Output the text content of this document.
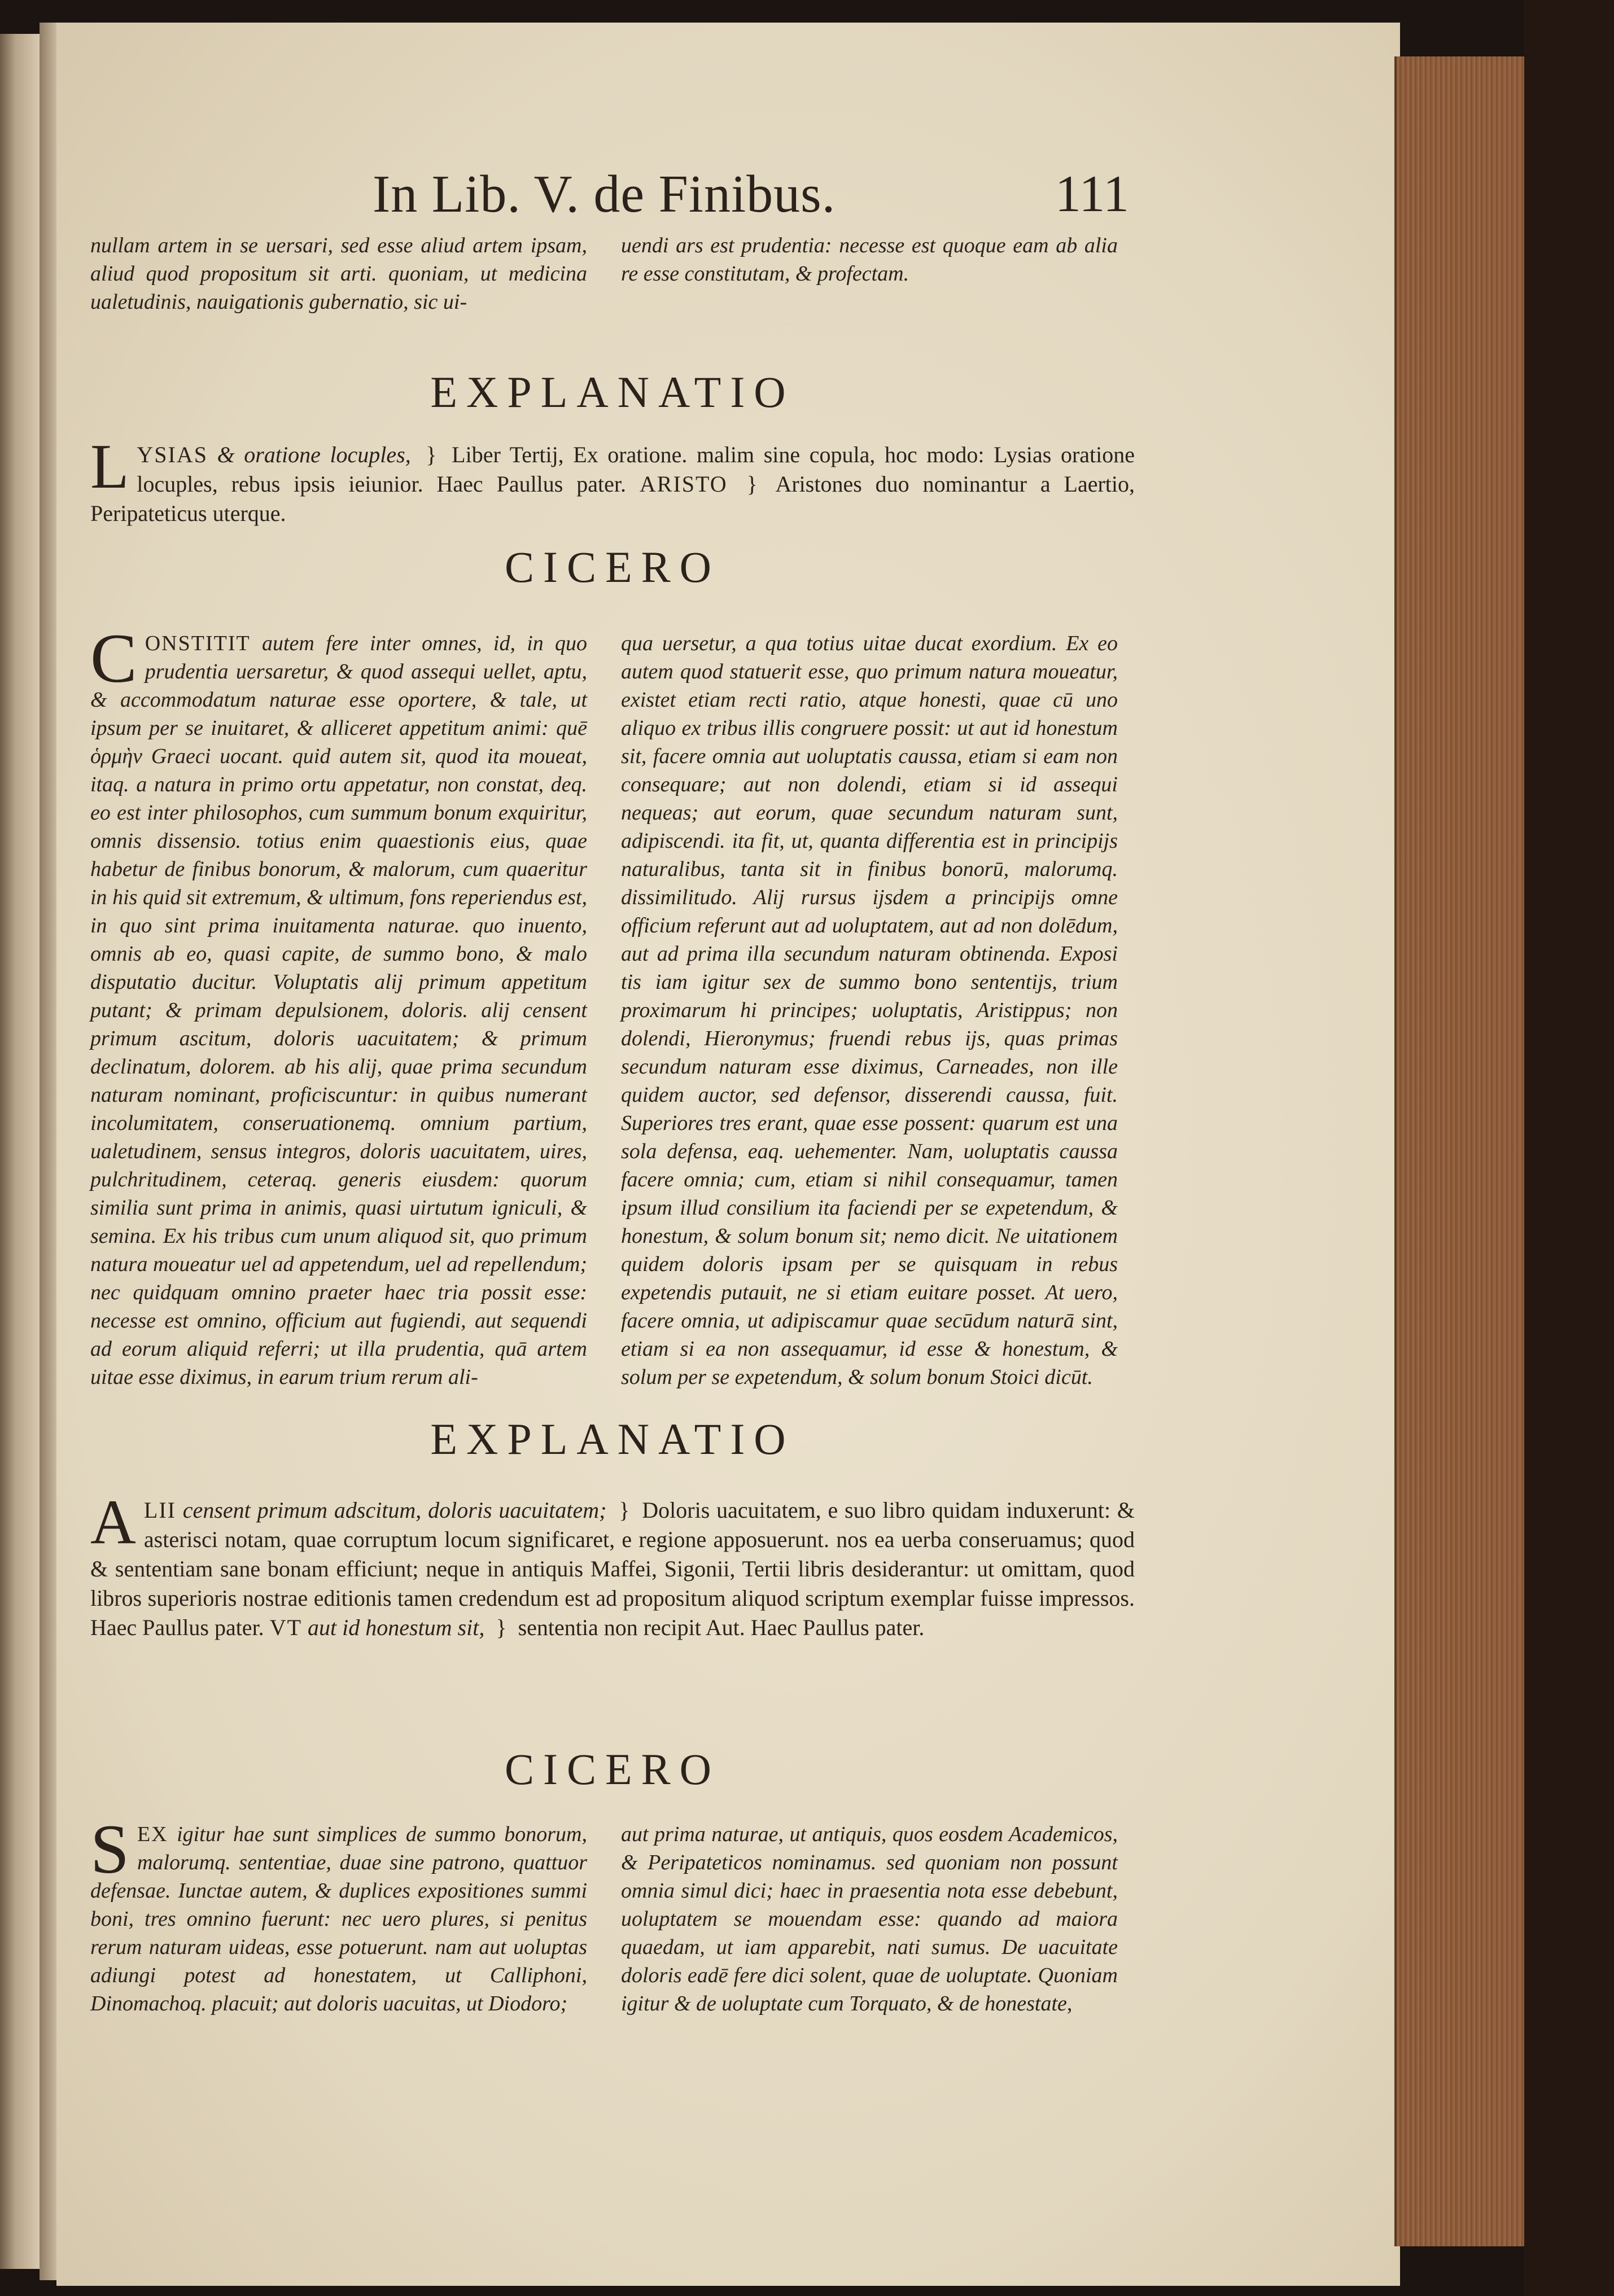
In Lib. V. de Finibus.	111
nullam artem in se uersari, sed esse aliud artem ipsam, aliud quod propositum sit arti. quoniam, ut medicina ualetudinis, nauigationis gubernatio, sic ui-
uendi ars est prudentia: necesse est quoque eam ab alia re esse constitutam, & profectam.
EXPLANATIO
L YSIAS & oratione locuples, } Liber Tertij, Ex oratione. malim sine copula, hoc modo: Lysias oratione locuples, rebus ipsis ieiunior. Haec Paullus pater. ARISTO } Aristones duo nominantur a Laertio, Peripateticus uterque.
CICERO
CONSTITIT autem fere inter omnes, id, in quo prudentia uersaretur, & quod assequi uellet, aptu, & accommodatum naturae esse oportere, & tale, ut ipsum per se inuitaret, & alliceret appetitum animi: quē ὁρμὴν Graeci uocant. quid autem sit, quod ita moueat, itaq. a natura in primo ortu appetatur, non constat, deq. eo est inter philosophos, cum summum bonum exquiritur, omnis dissensio. totius enim quaestionis eius, quae habetur de finibus bonorum, & malorum, cum quaeritur in his quid sit extremum, & ultimum, fons reperiendus est, in quo sint prima inuitamenta naturae. quo inuento, omnis ab eo, quasi capite, de summo bono, & malo disputatio ducitur. Voluptatis alij primum appetitum putant; & primam depulsionem, doloris. alij censent primum ascitum, doloris uacuitatem; & primum declinatum, dolorem. ab his alij, quae prima secundum naturam nominant, proficiscuntur: in quibus numerant incolumitatem, conseruationemq. omnium partium, ualetudinem, sensus integros, doloris uacuitatem, uires, pulchritudinem, ceteraq. generis eiusdem: quorum similia sunt prima in animis, quasi uirtutum igniculi, & semina. Ex his tribus cum unum aliquod sit, quo primum natura moueatur uel ad appetendum, uel ad repellendum; nec quidquam omnino praeter haec tria possit esse: necesse est omnino, officium aut fugiendi, aut sequendi ad eorum aliquid referri; ut illa prudentia, quā artem uitae esse diximus, in earum trium rerum ali-
qua uersetur, a qua totius uitae ducat exordium. Ex eo autem quod statuerit esse, quo primum natura moueatur, existet etiam recti ratio, atque honesti, quae cū uno aliquo ex tribus illis congruere possit: ut aut id honestum sit, facere omnia aut uoluptatis caussa, etiam si eam non consequare; aut non dolendi, etiam si id assequi nequeas; aut eorum, quae secundum naturam sunt, adipiscendi. ita fit, ut, quanta differentia est in principijs naturalibus, tanta sit in finibus bonorū, malorumq. dissimilitudo. Alij rursus ijsdem a principijs omne officium referunt aut ad uoluptatem, aut ad non dolēdum, aut ad prima illa secundum naturam obtinenda. Exposi tis iam igitur sex de summo bono sententijs, trium proximarum hi principes; uoluptatis, Aristippus; non dolendi, Hieronymus; fruendi rebus ijs, quas primas secundum naturam esse diximus, Carneades, non ille quidem auctor, sed defensor, disserendi caussa, fuit. Superiores tres erant, quae esse possent: quarum est una sola defensa, eaq. uehementer. Nam, uoluptatis caussa facere omnia; cum, etiam si nihil consequamur, tamen ipsum illud consilium ita faciendi per se expetendum, & honestum, & solum bonum sit; nemo dicit. Ne uitationem quidem doloris ipsam per se quisquam in rebus expetendis putauit, ne si etiam euitare posset. At uero, facere omnia, ut adipiscamur quae secūdum naturā sint, etiam si ea non assequamur, id esse & honestum, & solum per se expetendum, & solum bonum Stoici dicūt.
EXPLANATIO
A LII censent primum adscitum, doloris uacuitatem; } Doloris uacuitatem, e suo libro quidam induxerunt: & asterisci notam, quae corruptum locum significaret, e regione apposuerunt. nos ea uerba conseruamus; quod & sententiam sane bonam efficiunt; neque in antiquis Maffei, Sigonii, Tertii libris desiderantur: ut omittam, quod libros superioris nostrae editionis tamen credendum est ad propositum aliquod scriptum exemplar fuisse impressos. Haec Paullus pater. VT aut id honestum sit, } sententia non recipit Aut. Haec Paullus pater.
CICERO
SEX igitur hae sunt simplices de summo bonorum, malorumq. sententiae, duae sine patrono, quattuor defensae. Iunctae autem, & duplices expositiones summi boni, tres omnino fuerunt: nec uero plures, si penitus rerum naturam uideas, esse potuerunt. nam aut uoluptas adiungi potest ad honestatem, ut Calliphoni, Dinomachoq. placuit; aut doloris uacuitas, ut Diodoro;
aut prima naturae, ut antiquis, quos eosdem Academicos, & Peripateticos nominamus. sed quoniam non possunt omnia simul dici; haec in praesentia nota esse debebunt, uoluptatem se mouendam esse: quando ad maiora quaedam, ut iam apparebit, nati sumus. De uacuitate doloris eadē fere dici solent, quae de uoluptate. Quoniam igitur & de uoluptate cum Torquato, & de honestate,
